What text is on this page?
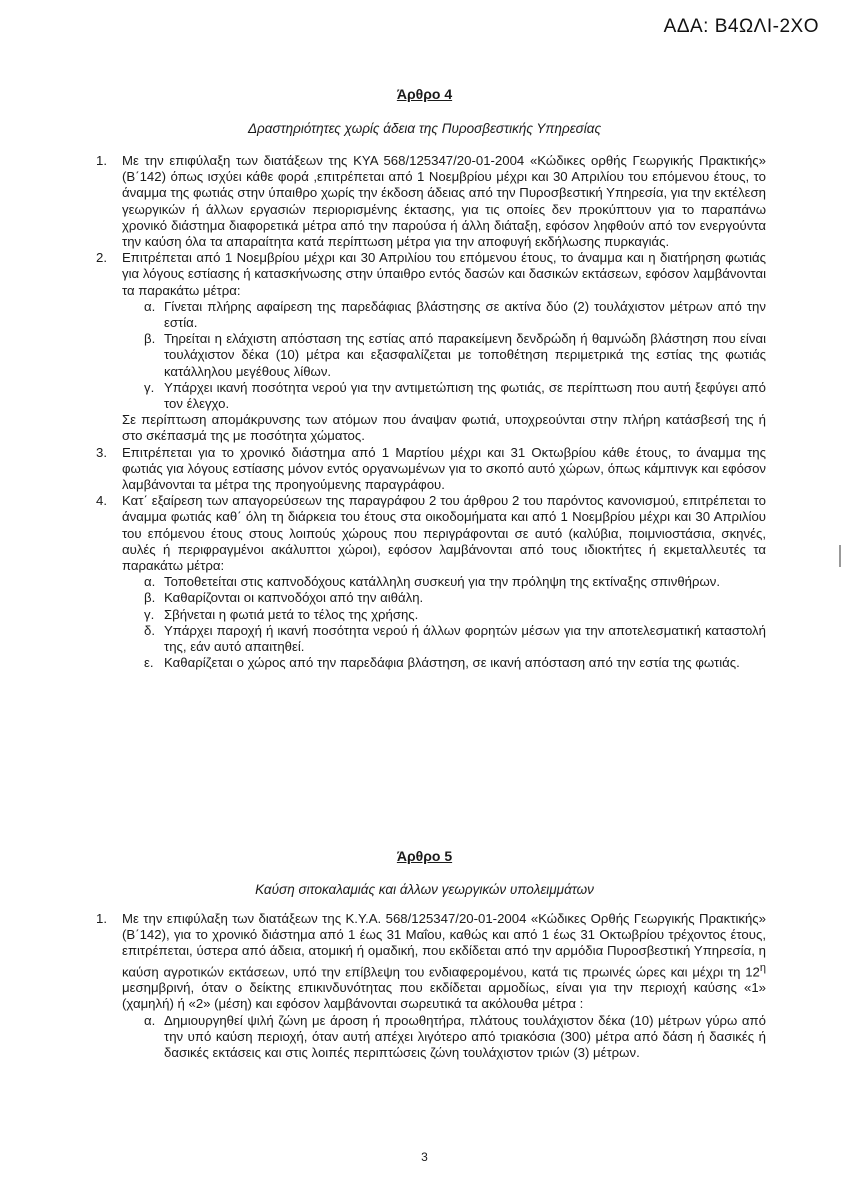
ΑΔΑ: Β4ΩΛΙ-2ΧΟ
Άρθρο 4
Δραστηριότητες χωρίς άδεια της Πυροσβεστικής Υπηρεσίας
1. Με την επιφύλαξη των διατάξεων της ΚΥΑ 568/125347/20-01-2004 «Κώδικες ορθής Γεωργικής Πρακτικής» (Β΄142) όπως ισχύει κάθε φορά ,επιτρέπεται από 1 Νοεμβρίου μέχρι και 30 Απριλίου του επόμενου έτους, το άναμμα της φωτιάς στην ύπαιθρο χωρίς την έκδοση άδειας από την Πυροσβεστική Υπηρεσία, για την εκτέλεση γεωργικών ή άλλων εργασιών περιορισμένης έκτασης, για τις οποίες δεν προκύπτουν για το παραπάνω χρονικό διάστημα διαφορετικά μέτρα από την παρούσα ή άλλη διάταξη, εφόσον ληφθούν από τον ενεργούντα την καύση όλα τα απαραίτητα κατά περίπτωση μέτρα για την αποφυγή εκδήλωσης πυρκαγιάς.

2. Επιτρέπεται από 1 Νοεμβρίου μέχρι και 30 Απριλίου του επόμενου έτους, το άναμμα και η διατήρηση φωτιάς για λόγους εστίασης ή κατασκήνωσης στην ύπαιθρο εντός δασών και δασικών εκτάσεων, εφόσον λαμβάνονται τα παρακάτω μέτρα:

α. Γίνεται πλήρης αφαίρεση της παρεδάφιας βλάστησης σε ακτίνα δύο (2) τουλάχιστον μέτρων από την εστία.
β. Τηρείται η ελάχιστη απόσταση της εστίας από παρακείμενη δενδρώδη ή θαμνώδη βλάστηση που είναι τουλάχιστον δέκα (10) μέτρα και εξασφαλίζεται με τοποθέτηση περιμετρικά της εστίας της φωτιάς κατάλληλου μεγέθους λίθων.
γ. Υπάρχει ικανή ποσότητα νερού για την αντιμετώπιση της φωτιάς, σε περίπτωση που αυτή ξεφύγει από τον έλεγχο.

Σε περίπτωση απομάκρυνσης των ατόμων που άναψαν φωτιά, υποχρεούνται στην πλήρη κατάσβεσή της ή στο σκέπασμά της με ποσότητα χώματος.

3. Επιτρέπεται για το χρονικό διάστημα από 1 Μαρτίου μέχρι και 31 Οκτωβρίου κάθε έτους, το άναμμα της φωτιάς για λόγους εστίασης μόνον εντός οργανωμένων για το σκοπό αυτό χώρων, όπως κάμπινγκ και εφόσον λαμβάνονται τα μέτρα της προηγούμενης παραγράφου.

4. Κατ΄ εξαίρεση των απαγορεύσεων της παραγράφου 2 του άρθρου 2 του παρόντος κανονισμού, επιτρέπεται το άναμμα φωτιάς καθ΄ όλη τη διάρκεια του έτους στα οικοδομήματα και από 1 Νοεμβρίου μέχρι και 30 Απριλίου του επόμενου έτους στους λοιπούς χώρους που περιγράφονται σε αυτό (καλύβια, ποιμνιοστάσια, σκηνές, αυλές ή περιφραγμένοι ακάλυπτοι χώροι), εφόσον λαμβάνονται από τους ιδιοκτήτες ή εκμεταλλευτές τα παρακάτω μέτρα:

α. Τοποθετείται στις καπνοδόχους κατάλληλη συσκευή για την πρόληψη της εκτίναξης σπινθήρων.
β. Καθαρίζονται οι καπνοδόχοι από την αιθάλη.
γ. Σβήνεται η φωτιά μετά το τέλος της χρήσης.
δ. Υπάρχει παροχή ή ικανή ποσότητα νερού ή άλλων φορητών μέσων για την αποτελεσματική καταστολή της, εάν αυτό απαιτηθεί.
ε. Καθαρίζεται ο χώρος από την παρεδάφια βλάστηση, σε ικανή απόσταση από την εστία της φωτιάς.
Άρθρο 5
Καύση σιτοκαλαμιάς και άλλων γεωργικών υπολειμμάτων
1. Με την επιφύλαξη των διατάξεων της Κ.Υ.Α. 568/125347/20-01-2004 «Κώδικες Ορθής Γεωργικής Πρακτικής» (Β΄142), για το χρονικό διάστημα από 1 έως 31 Μαΐου, καθώς και από 1 έως 31 Οκτωβρίου τρέχοντος έτους, επιτρέπεται, ύστερα από άδεια, ατομική ή ομαδική, που εκδίδεται από την αρμόδια Πυροσβεστική Υπηρεσία, η καύση αγροτικών εκτάσεων, υπό την επίβλεψη του ενδιαφερομένου, κατά τις πρωινές ώρες και μέχρι τη $12^\eta$ μεσημβρινή, όταν ο δείκτης επικινδυνότητας που εκδίδεται αρμοδίως, είναι για την περιοχή καύσης «1» (χαμηλή) ή «2» (μέση) και εφόσον λαμβάνονται σωρευτικά τα ακόλουθα μέτρα :

α. Δημιουργηθεί ψιλή ζώνη με άροση ή προωθητήρα, πλάτους τουλάχιστον δέκα (10) μέτρων γύρω από την υπό καύση περιοχή, όταν αυτή απέχει λιγότερο από τριακόσια (300) μέτρα από δάση ή δασικές ή δασικές εκτάσεις και στις λοιπές περιπτώσεις ζώνη τουλάχιστον τριών (3) μέτρων.
3
